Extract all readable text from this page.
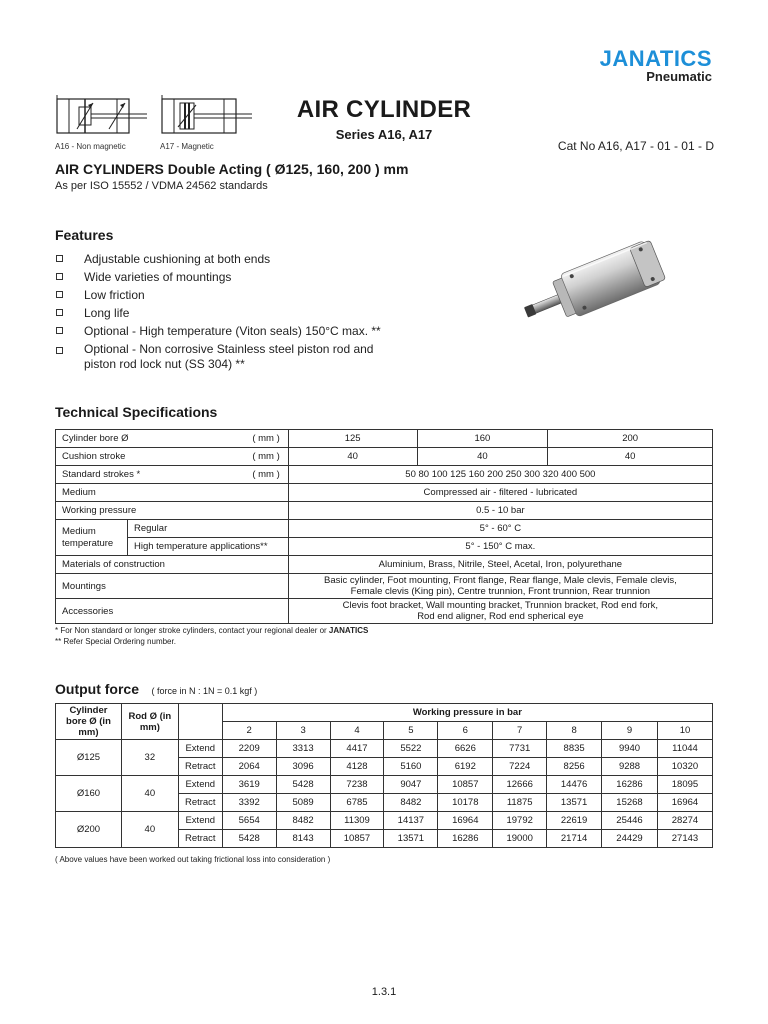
JANATICS
Pneumatic
A16 - Non magnetic	A17 - Magnetic
AIR CYLINDER
Series A16, A17
Cat No A16, A17 - 01 - 01 - D
AIR CYLINDERS Double Acting ( Ø125, 160, 200 ) mm
As per ISO 15552 / VDMA 24562 standards
Features
Adjustable cushioning at both ends
Wide varieties of mountings
Low friction
Long life
Optional - High temperature (Viton seals) 150°C max. **
Optional - Non corrosive Stainless steel piston rod and
piston rod lock nut (SS 304) **
Technical Specifications
Cylinder bore Ø ( mm )		125	160	200
Cushion stroke ( mm )		40	40	40
Standard strokes * ( mm )		50 80 100 125 160 200 250 300 320 400 500		
Medium		Compressed air - filtered - lubricated		
Working pressure		0.5 - 10 bar		
Medium temperature	Regular	5° - 60° C		
	High temperature applications**	5° - 150° C max.		
Materials of construction		Aluminium, Brass, Nitrile, Steel, Acetal, Iron, polyurethane		
Mountings		Basic cylinder, Foot mounting, Front flange, Rear flange, Male clevis, Female clevis,
Female clevis (King pin), Centre trunnion, Front trunnion, Rear trunnion		
Accessories		Clevis foot bracket, Wall mounting bracket, Trunnion bracket, Rod end fork,
Rod end aligner, Rod end spherical eye		
* For Non standard or longer stroke cylinders, contact your regional dealer or JANATICS
** Refer Special Ordering number.
Output force ( force in N : 1N = 0.1 kgf )
Cylinder bore Ø (in mm)	Rod Ø (in mm)		Working pressure in bar								
			2	3	4	5	6	7	8	9	10
Ø125	32	Extend	2209	3313	4417	5522	6626	7731	8835	9940	11044
		Retract	2064	3096	4128	5160	6192	7224	8256	9288	10320
Ø160	40	Extend	3619	5428	7238	9047	10857	12666	14476	16286	18095
		Retract	3392	5089	6785	8482	10178	11875	13571	15268	16964
Ø200	40	Extend	5654	8482	11309	14137	16964	19792	22619	25446	28274
		Retract	5428	8143	10857	13571	16286	19000	21714	24429	27143
( Above values have been worked out taking frictional loss into consideration )
1.3.1
